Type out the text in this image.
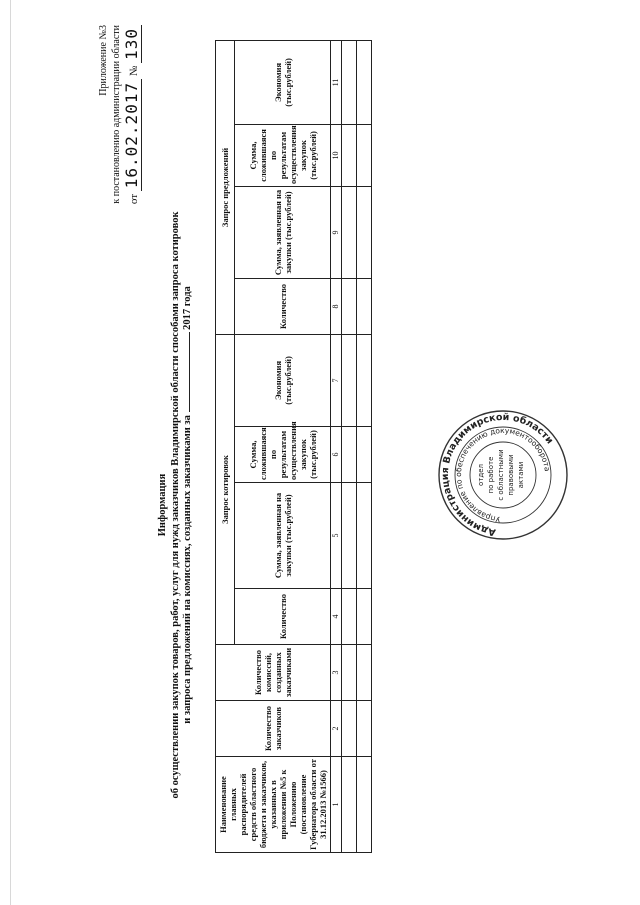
Приложение №3 к постановлению администрации области от 16.02.2017 № 130
Информация об осуществлении закупок товаров, работ, услуг для нужд заказчиков Владимирской области способами запроса котировок и запроса предложений на комиссиях, созданных заказчиками за  2017 года
Наименование главных распорядителей средств областного бюджета и заказчиков, указанных в приложении №5 к Положению (постановление Губернатора области от 31.12.2013 №1566)	Количество заказчиков	Количество комиссий, созданных заказчиками	Запрос котировок				Запрос предложений			
			Количество	Сумма, заявленная на закупки (тыс.рублей)	Сумма, сложившаяся по результатам осуществления закупок (тыс.рублей)	Экономия (тыс.рублей)	Количество	Сумма, заявленная на закупки (тыс.рублей)	Сумма, сложившаяся по результатам осуществления закупок (тыс.рублей)	Экономия (тыс.рублей)
1	2	3	4	5	6	7	8	9	10	11

Администрация Владимирской области
Управление по обеспечению документооборота
отдел по работе с областными правовыми актами
